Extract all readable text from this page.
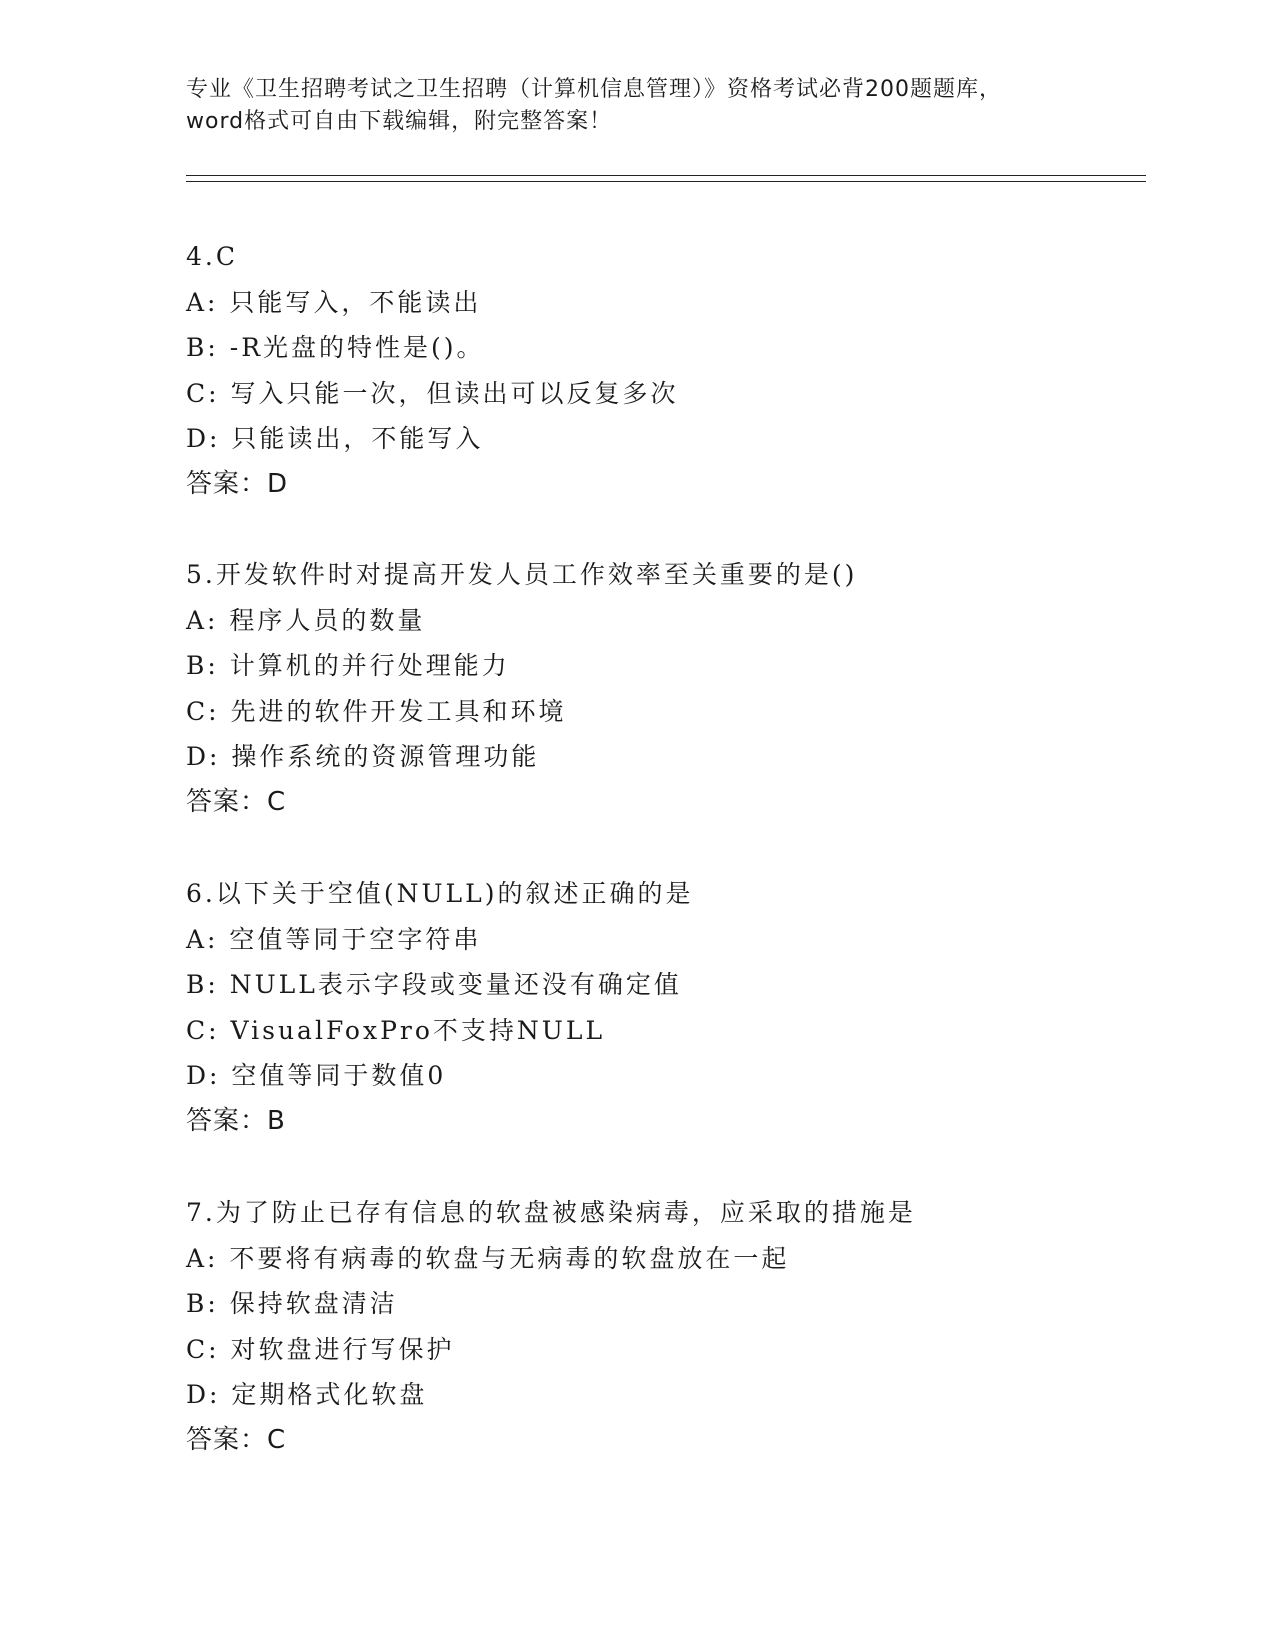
专业《卫生招聘考试之卫生招聘（计算机信息管理）》资格考试必背200题题库，
word格式可自由下载编辑，附完整答案！
4.C
A: 只能写入，不能读出
B: -R光盘的特性是()。
C: 写入只能一次，但读出可以反复多次
D: 只能读出，不能写入
答案：D
5.开发软件时对提高开发人员工作效率至关重要的是()
A: 程序人员的数量
B: 计算机的并行处理能力
C: 先进的软件开发工具和环境
D: 操作系统的资源管理功能
答案：C
6.以下关于空值(NULL)的叙述正确的是
A: 空值等同于空字符串
B: NULL表示字段或变量还没有确定值
C: VisualFoxPro不支持NULL
D: 空值等同于数值0
答案：B
7.为了防止已存有信息的软盘被感染病毒，应采取的措施是
A: 不要将有病毒的软盘与无病毒的软盘放在一起
B: 保持软盘清洁
C: 对软盘进行写保护
D: 定期格式化软盘
答案：C
